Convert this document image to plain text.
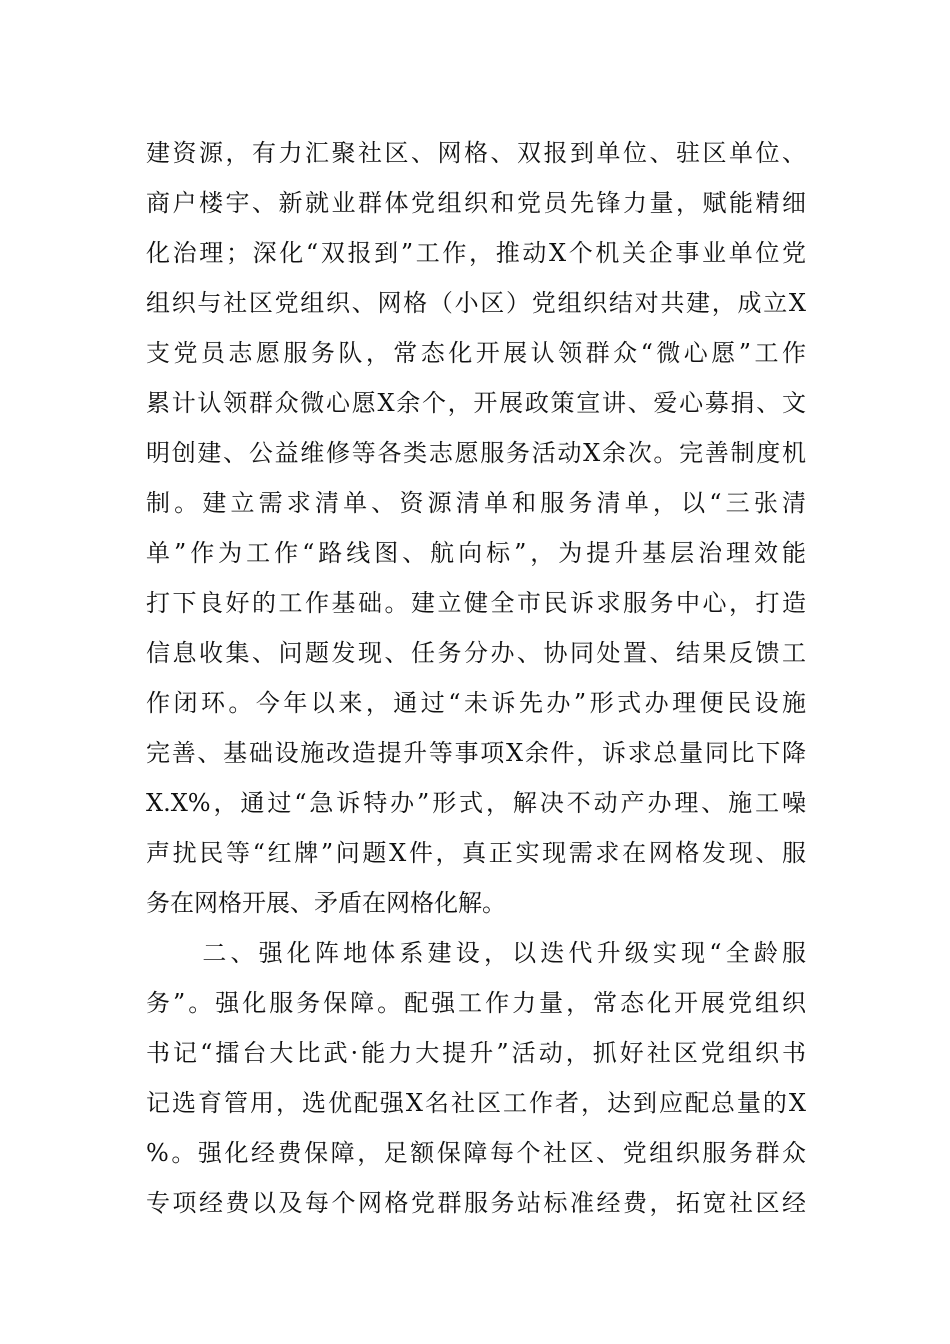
建资源，有力汇聚社区、网格、双报到单位、驻区单位、
商户楼宇、新就业群体党组织和党员先锋力量，赋能精细
化治理；深化“双报到”工作，推动X个机关企事业单位党
组织与社区党组织、网格（小区）党组织结对共建，成立X
支党员志愿服务队，常态化开展认领群众“微心愿”工作
累计认领群众微心愿X余个，开展政策宣讲、爱心募捐、文
明创建、公益维修等各类志愿服务活动X余次。完善制度机
制。建立需求清单、资源清单和服务清单，以“三张清
单”作为工作“路线图、航向标”，为提升基层治理效能
打下良好的工作基础。建立健全市民诉求服务中心，打造
信息收集、问题发现、任务分办、协同处置、结果反馈工
作闭环。今年以来，通过“未诉先办”形式办理便民设施
完善、基础设施改造提升等事项X余件，诉求总量同比下降
X.X%，通过“急诉特办”形式，解决不动产办理、施工噪
声扰民等“红牌”问题X件，真正实现需求在网格发现、服
务在网格开展、矛盾在网格化解。
　　二、强化阵地体系建设，以迭代升级实现“全龄服
务”。强化服务保障。配强工作力量，常态化开展党组织
书记“擂台大比武·能力大提升”活动，抓好社区党组织书
记选育管用，选优配强X名社区工作者，达到应配总量的X
%。强化经费保障，足额保障每个社区、党组织服务群众
专项经费以及每个网格党群服务站标准经费，拓宽社区经
